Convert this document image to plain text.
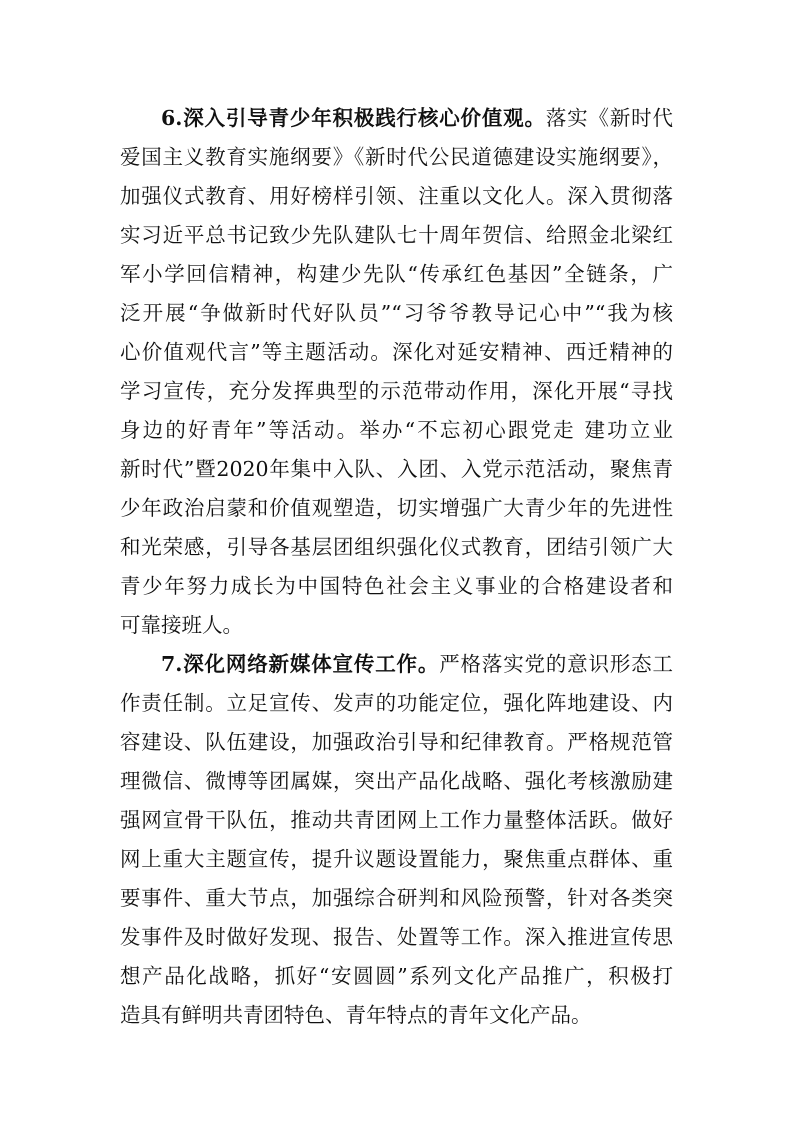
6.深入引导青少年积极践行核心价值观。落实《新时代
爱国主义教育实施纲要》《新时代公民道德建设实施纲要》，
加强仪式教育、用好榜样引领、注重以文化人。深入贯彻落
实习近平总书记致少先队建队七十周年贺信、给照金北梁红
军小学回信精神，构建少先队“传承红色基因”全链条，广
泛开展“争做新时代好队员”“习爷爷教导记心中”“我为核
心价值观代言”等主题活动。深化对延安精神、西迁精神的
学习宣传，充分发挥典型的示范带动作用，深化开展“寻找
身边的好青年”等活动。举办“不忘初心跟党走 建功立业
新时代”暨2020年集中入队、入团、入党示范活动，聚焦青
少年政治启蒙和价值观塑造，切实增强广大青少年的先进性
和光荣感，引导各基层团组织强化仪式教育，团结引领广大
青少年努力成长为中国特色社会主义事业的合格建设者和
可靠接班人。
7.深化网络新媒体宣传工作。严格落实党的意识形态工
作责任制。立足宣传、发声的功能定位，强化阵地建设、内
容建设、队伍建设，加强政治引导和纪律教育。严格规范管
理微信、微博等团属媒，突出产品化战略、强化考核激励建
强网宣骨干队伍，推动共青团网上工作力量整体活跃。做好
网上重大主题宣传，提升议题设置能力，聚焦重点群体、重
要事件、重大节点，加强综合研判和风险预警，针对各类突
发事件及时做好发现、报告、处置等工作。深入推进宣传思
想产品化战略，抓好“安圆圆”系列文化产品推广，积极打
造具有鲜明共青团特色、青年特点的青年文化产品。
